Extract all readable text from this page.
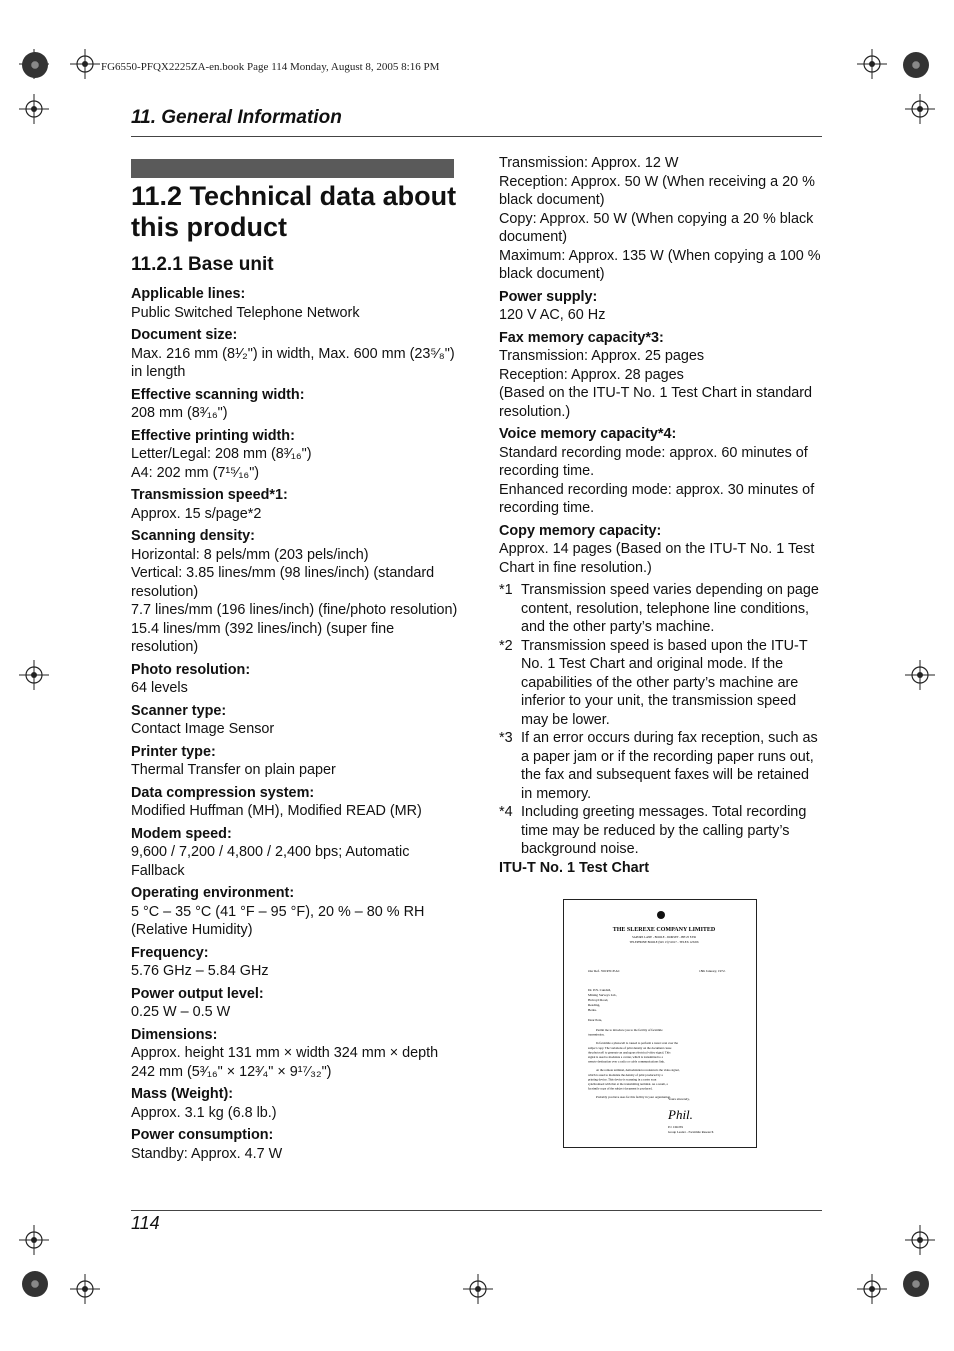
FG6550-PFQX2225ZA-en.book Page 114 Monday, August 8, 2005 8:16 PM
11. General Information
11.2 Technical data about this product
11.2.1 Base unit
Applicable lines:
Public Switched Telephone Network
Document size:
Max. 216 mm (8¹⁄₂") in width, Max. 600 mm (23⁵⁄₈") in length
Effective scanning width:
208 mm (8³⁄₁₆")
Effective printing width:
Letter/Legal: 208 mm (8³⁄₁₆")
A4: 202 mm (7¹⁵⁄₁₆")
Transmission speed*1:
Approx. 15 s/page*2
Scanning density:
Horizontal: 8 pels/mm (203 pels/inch)
Vertical: 3.85 lines/mm (98 lines/inch) (standard resolution)
7.7 lines/mm (196 lines/inch) (fine/photo resolution)
15.4 lines/mm (392 lines/inch) (super fine resolution)
Photo resolution:
64 levels
Scanner type:
Contact Image Sensor
Printer type:
Thermal Transfer on plain paper
Data compression system:
Modified Huffman (MH), Modified READ (MR)
Modem speed:
9,600 / 7,200 / 4,800 / 2,400 bps; Automatic Fallback
Operating environment:
5 °C – 35 °C (41 °F – 95 °F), 20 % – 80 % RH (Relative Humidity)
Frequency:
5.76 GHz – 5.84 GHz
Power output level:
0.25 W – 0.5 W
Dimensions:
Approx. height 131 mm × width 324 mm × depth 242 mm (5³⁄₁₆" × 12³⁄₄" × 9¹⁷⁄₃₂")
Mass (Weight):
Approx. 3.1 kg (6.8 lb.)
Power consumption:
Standby: Approx. 4.7 W
Transmission: Approx. 12 W
Reception: Approx. 50 W (When receiving a 20 % black document)
Copy: Approx. 50 W (When copying a 20 % black document)
Maximum: Approx. 135 W (When copying a 100 % black document)
Power supply:
120 V AC, 60 Hz
Fax memory capacity*3:
Transmission: Approx. 25 pages
Reception: Approx. 28 pages
(Based on the ITU-T No. 1 Test Chart in standard resolution.)
Voice memory capacity*4:
Standard recording mode: approx. 60 minutes of recording time.
Enhanced recording mode: approx. 30 minutes of recording time.
Copy memory capacity:
Approx. 14 pages (Based on the ITU-T No. 1 Test Chart in fine resolution.)
*1 Transmission speed varies depending on page content, resolution, telephone line conditions, and the other party’s machine.
*2 Transmission speed is based upon the ITU-T No. 1 Test Chart and original mode. If the capabilities of the other party’s machine are inferior to your unit, the transmission speed may be lower.
*3 If an error occurs during fax reception, such as a paper jam or if the recording paper runs out, the fax and subsequent faxes will be retained in memory.
*4 Including greeting messages. Total recording time may be reduced by the calling party’s background noise.
ITU-T No. 1 Test Chart
THE SLEREXE COMPANY LIMITED
SAPORS LANE - BOOLE - DORSET - BH 25 8 ER
TELEPHONE BOOLE (945 13) 51617 - TELEX 123456
Our Ref. 350/PJC/EAC	18th January, 1972.
Dr. P.N. Cundall,
Mining Surveys Ltd.,
Holroyd Road,
Reading,
Berks.
Dear Pete,
Permit me to introduce you to the facility of facsimile
transmission.
In facsimile a photocell is caused to perform a raster scan over the
subject copy. The variations of print density on the document cause
the photocell to generate an analogous electrical video signal. This
signal is used to modulate a carrier, which is transmitted to a
remote destination over a radio or cable communications link.
At the remote terminal, demodulation reconstructs the video signal,
which is used to modulate the density of print produced by a
printing device. This device is scanning in a raster scan
synchronised with that at the transmitting terminal. As a result, a
facsimile copy of the subject document is produced.
Probably you have uses for this facility in your organisation.
Yours sincerely,
Phil.
P.J. CROSS
Group Leader - Facsimile Research
114
